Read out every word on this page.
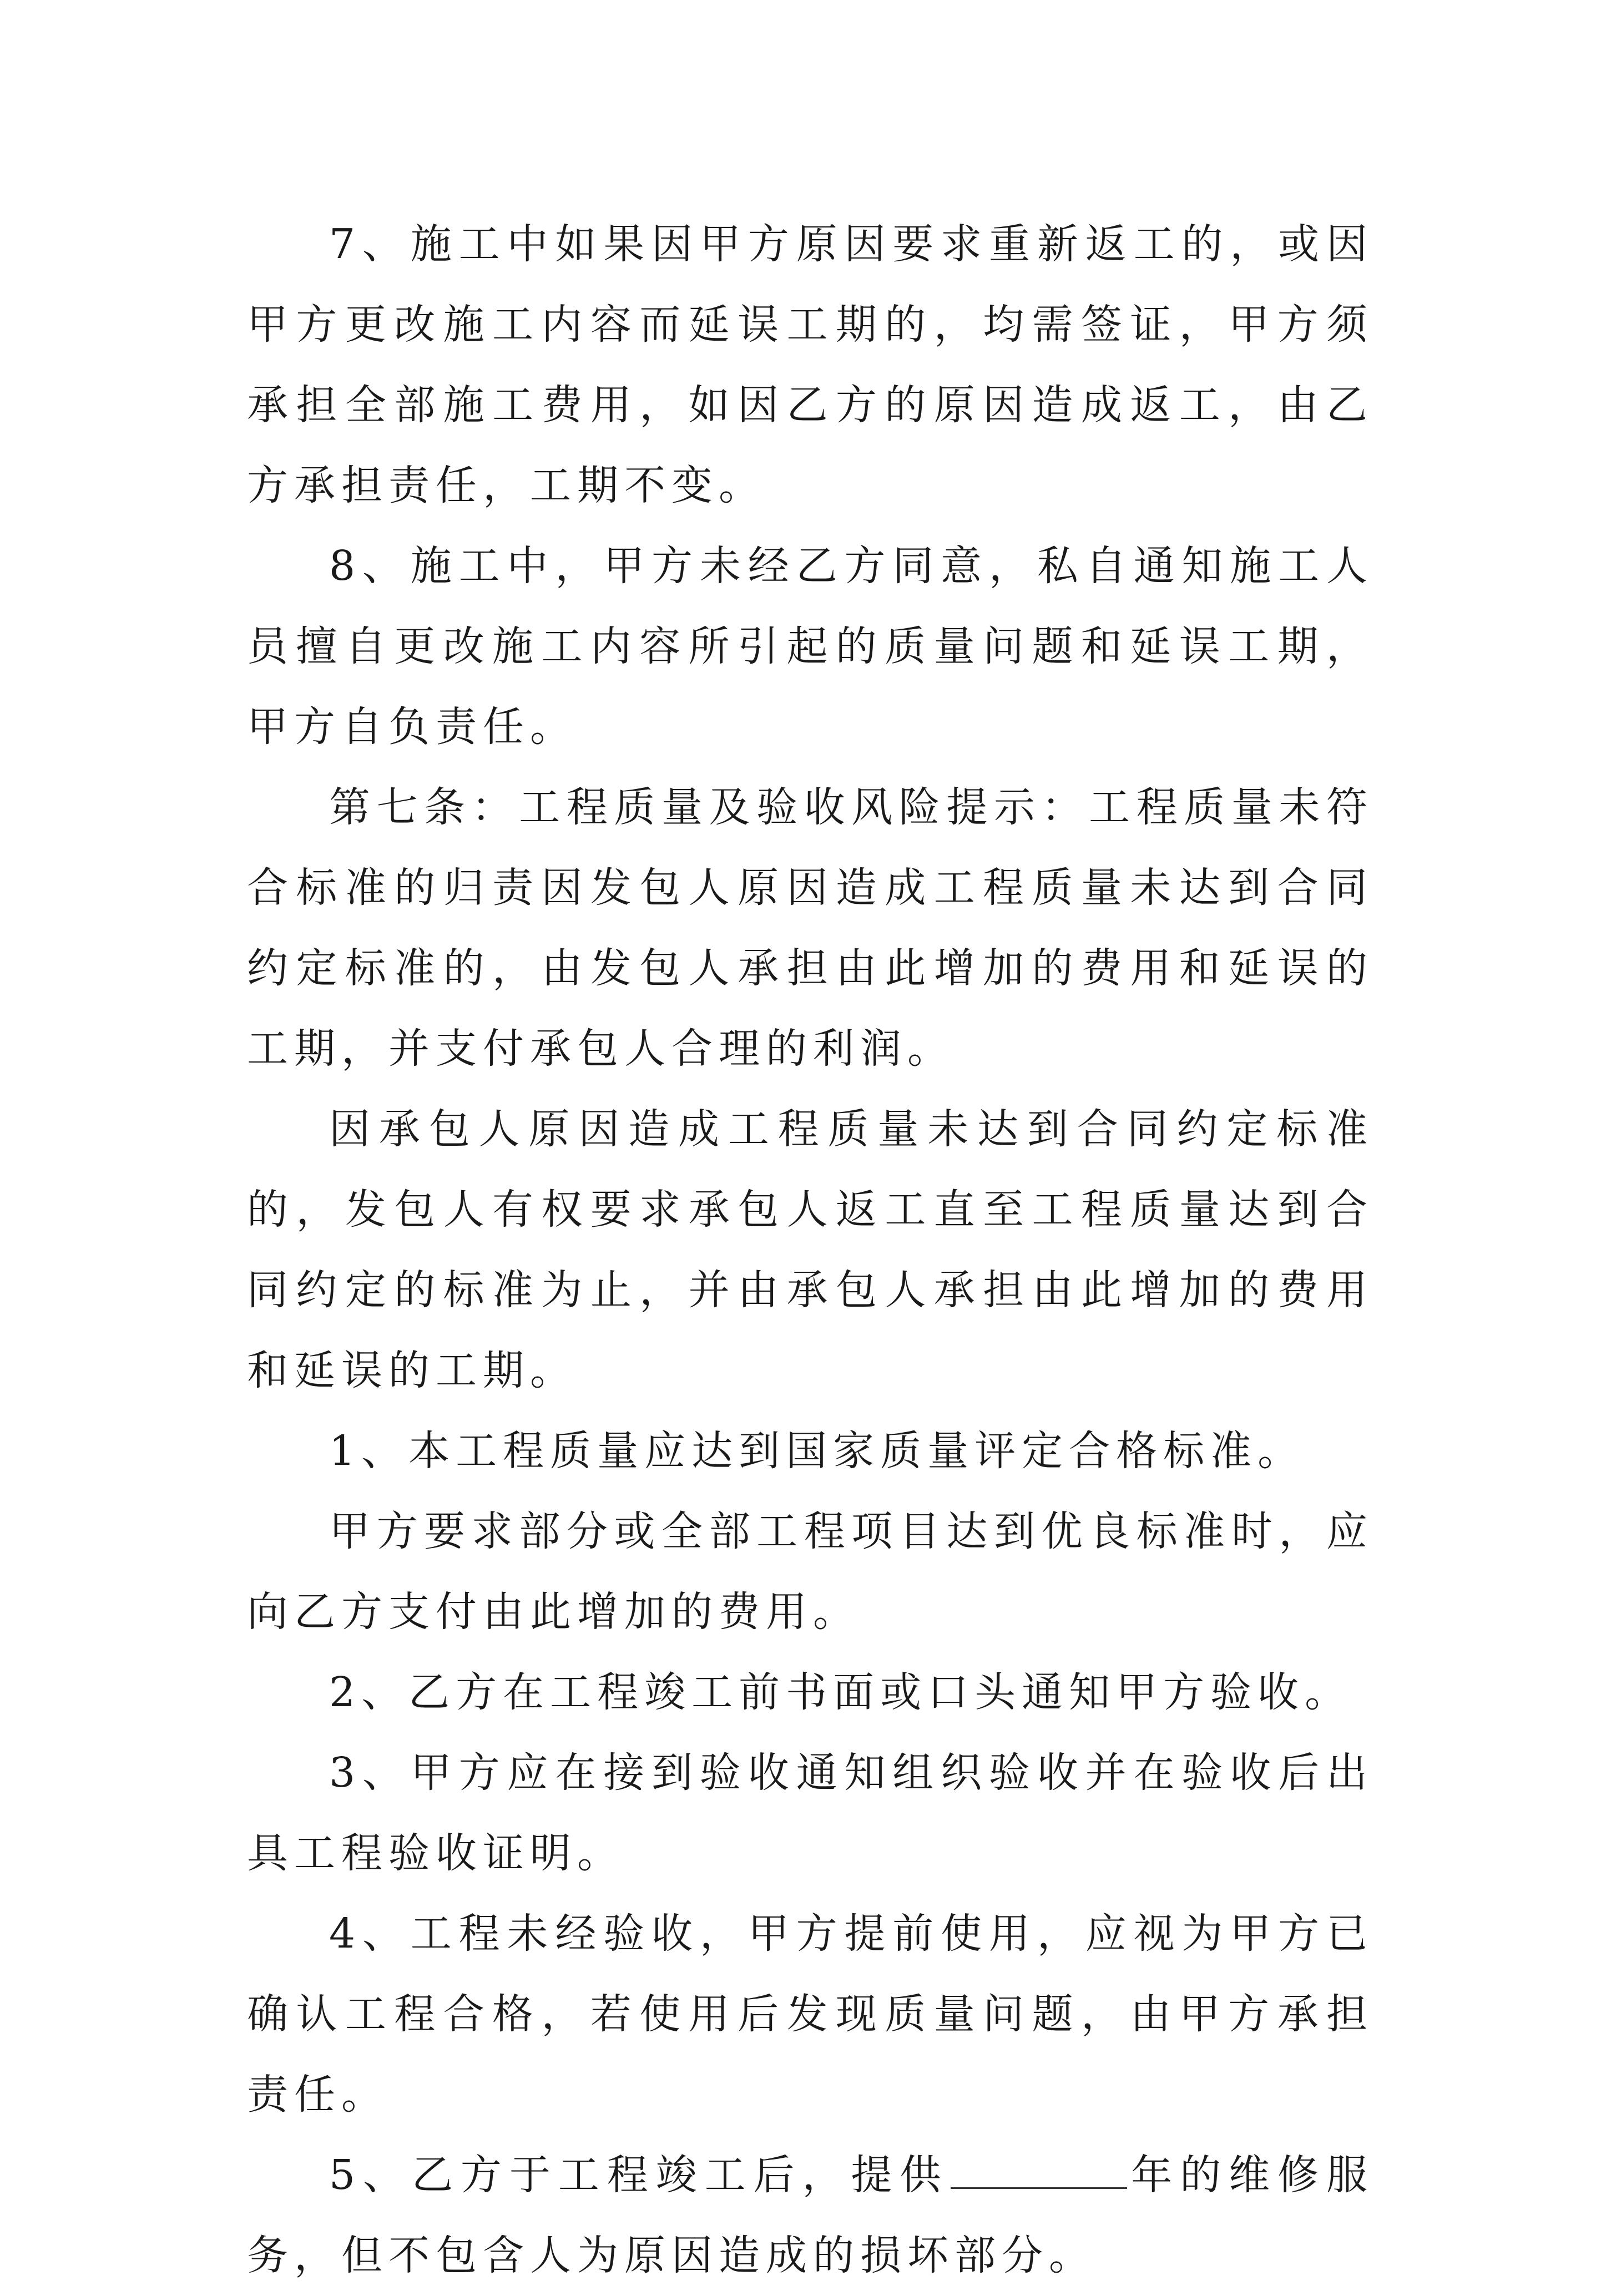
7、施工中如果因甲方原因要求重新返工的，或因甲方更改施工内容而延误工期的，均需签证，甲方须承担全部施工费用，如因乙方的原因造成返工，由乙方承担责任，工期不变。

8、施工中，甲方未经乙方同意，私自通知施工人员擅自更改施工内容所引起的质量问题和延误工期，甲方自负责任。

第七条：工程质量及验收风险提示：工程质量未符合标准的归责因发包人原因造成工程质量未达到合同约定标准的，由发包人承担由此增加的费用和延误的工期，并支付承包人合理的利润。

因承包人原因造成工程质量未达到合同约定标准的，发包人有权要求承包人返工直至工程质量达到合同约定的标准为止，并由承包人承担由此增加的费用和延误的工期。

1、本工程质量应达到国家质量评定合格标准。

甲方要求部分或全部工程项目达到优良标准时，应向乙方支付由此增加的费用。

2、乙方在工程竣工前书面或口头通知甲方验收。

3、甲方应在接到验收通知组织验收并在验收后出具工程验收证明。

4、工程未经验收，甲方提前使用，应视为甲方已确认工程合格，若使用后发现质量问题，由甲方承担责任。

5、乙方于工程竣工后，提供	年的维修服务，但不包含人为原因造成的损坏部分。
